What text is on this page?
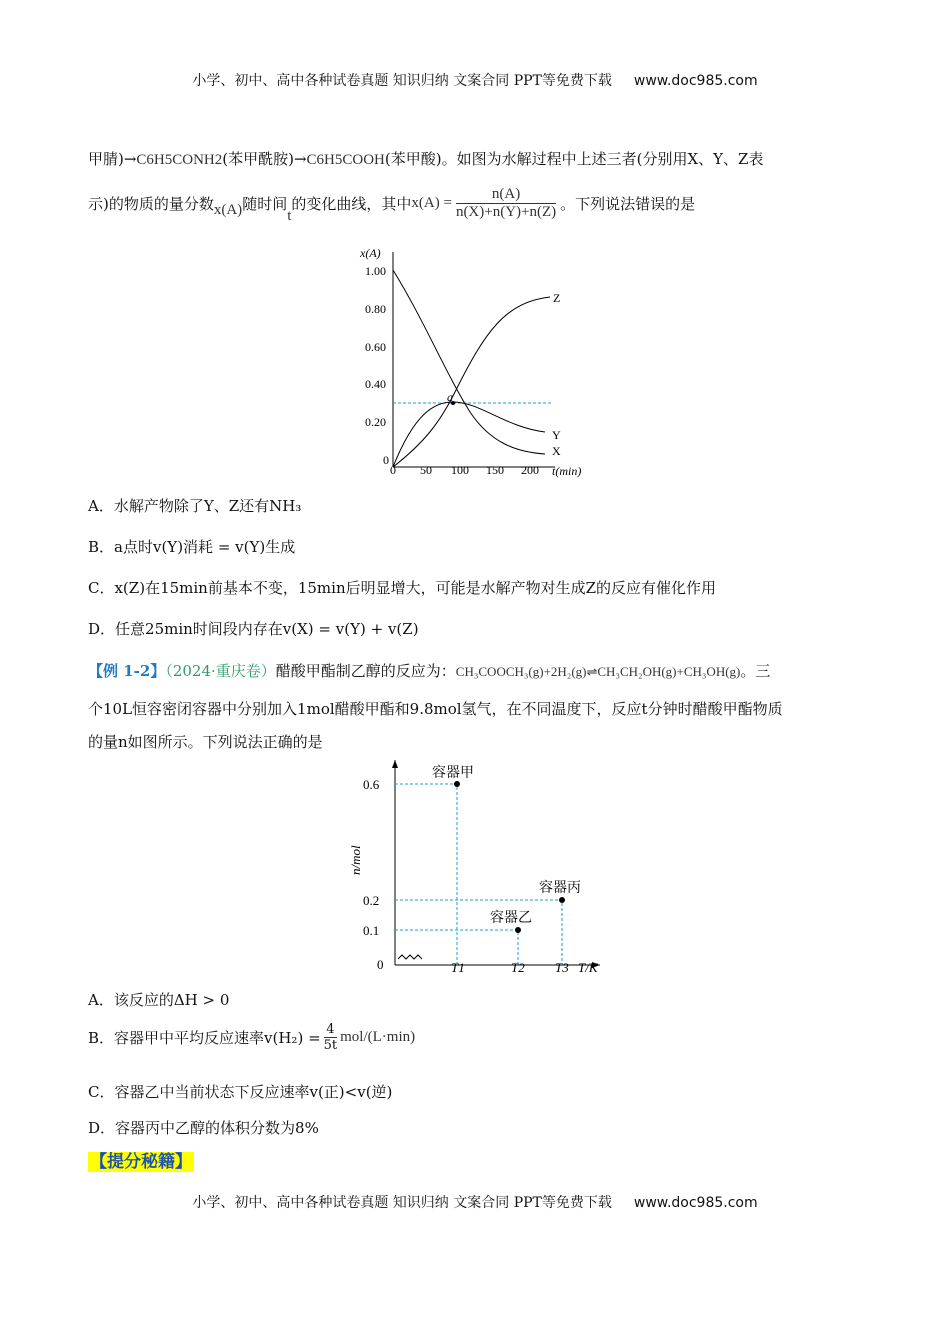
小学、初中、高中各种试卷真题 知识归纳 文案合同 PPT等免费下载 www.doc985.com
甲腈)→C6H5CONH2(苯甲酰胺)→C6H5COOH(苯甲酸)。如图为水解过程中上述三者(分别用X、Y、Z表
示)的物质的量分数 x(A) 随时间
t
的变化曲线，其中 $x(A) = \frac{n(A)}{n(X)+n(Y)+n(Z)}$ 。下列说法错误的是
x(A)
1.00
0.80
0.60
0.40
0.20
0
0 50 100 150 200 t(min)
a
Z
Y
X
A．水解产物除了Y、Z还有NH₃
B．a点时v(Y)消耗 = v(Y)生成
C．x(Z)在15min前基本不变，15min后明显增大，可能是水解产物对生成Z的反应有催化作用
D．任意25min时间段内存在v(X) = v(Y) + v(Z)
【例 1-2】（2024·重庆卷）醋酸甲酯制乙醇的反应为：CH₃COOCH₃(g)+2H₂(g)⇌CH₃CH₂OH(g)+CH₃OH(g)。三
个10L恒容密闭容器中分别加入1mol醋酸甲酯和9.8mol氢气，在不同温度下，反应t分钟时醋酸甲酯物质
的量n如图所示。下列说法正确的是
n/mol
0.6
0.2
0.1
0	T1	T2 T3 T/K
容器甲
容器乙
容器丙
A．该反应的ΔH > 0
B．容器甲中平均反应速率$v(H_2) = \frac{4}{5t} mol/(L\cdot\min)$
C．容器乙中当前状态下反应速率v(正)<v(逆)
D．容器丙中乙醇的体积分数为8%
【提分秘籍】
小学、初中、高中各种试卷真题 知识归纳 文案合同 PPT等免费下载 www.doc985.com
